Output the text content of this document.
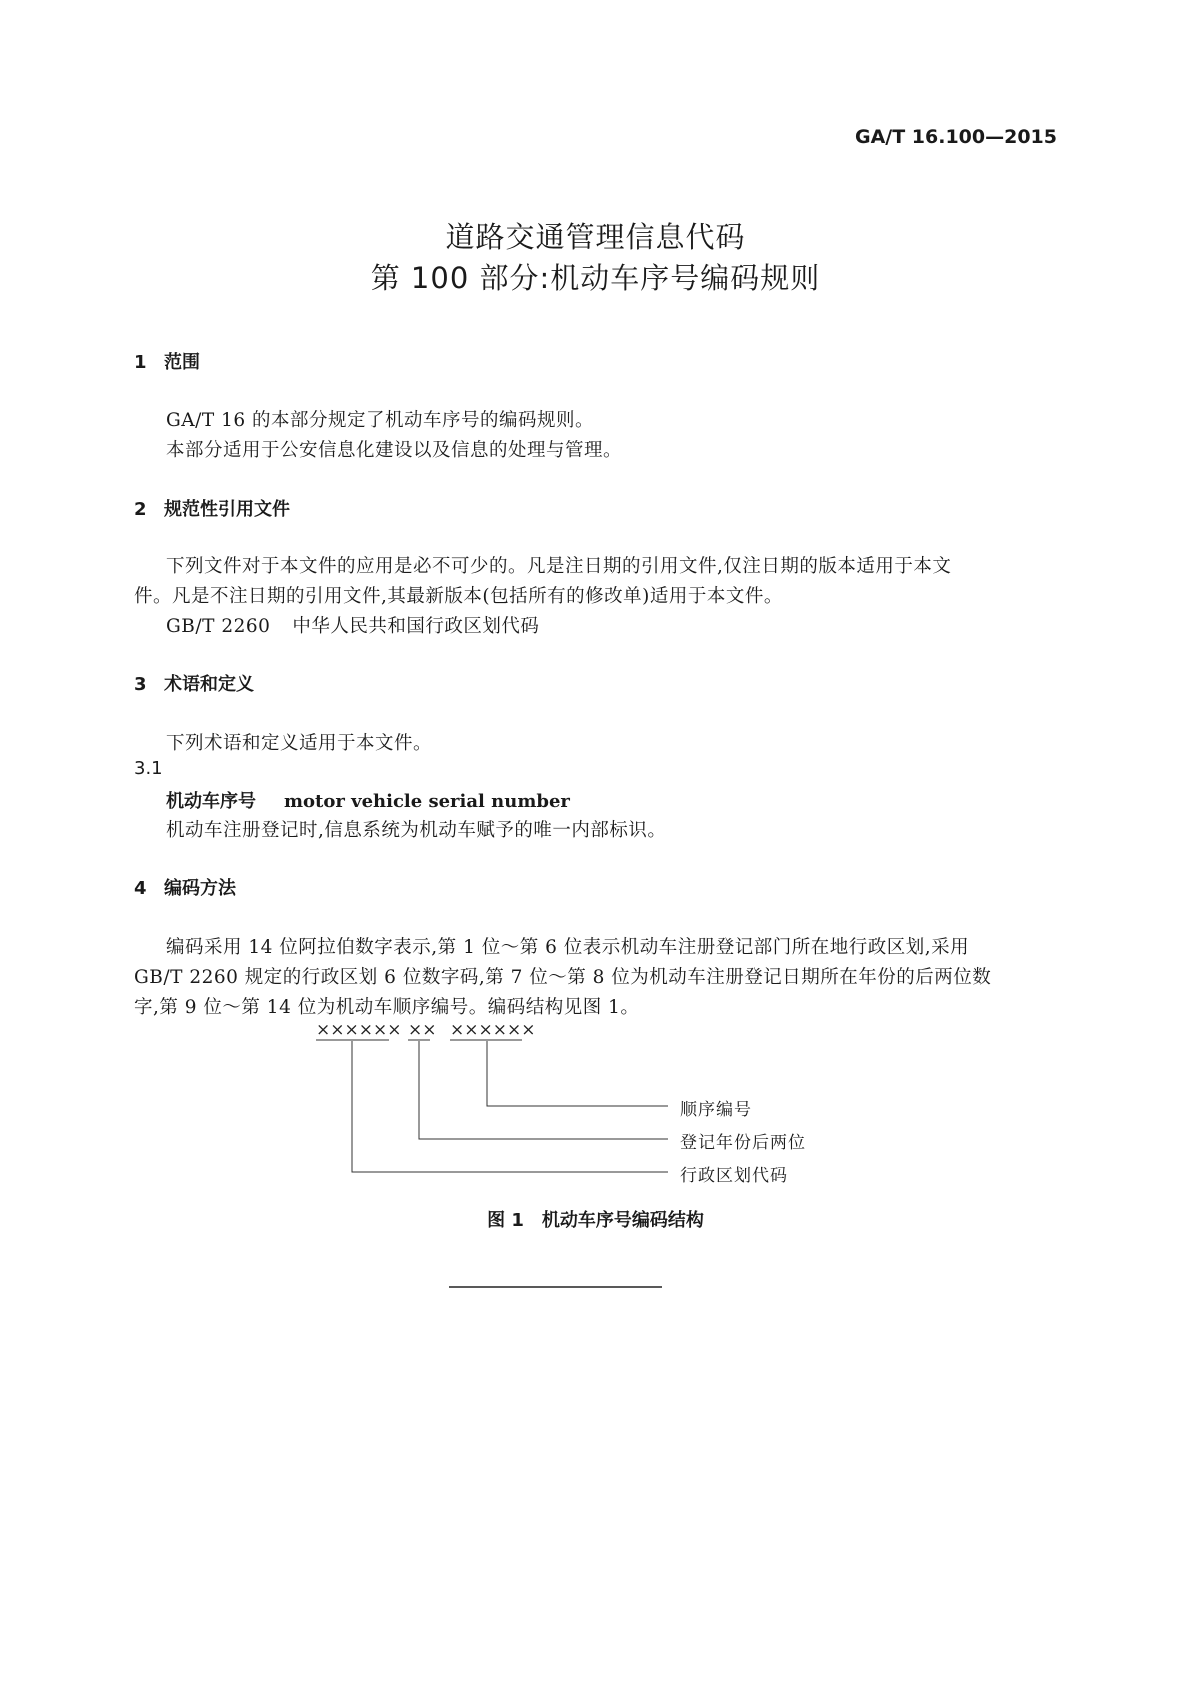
GA/T 16.100—2015
道路交通管理信息代码
第 100 部分:机动车序号编码规则
1 范围
GA/T 16 的本部分规定了机动车序号的编码规则。
本部分适用于公安信息化建设以及信息的处理与管理。
2 规范性引用文件
下列文件对于本文件的应用是必不可少的。凡是注日期的引用文件,仅注日期的版本适用于本文
件。凡是不注日期的引用文件,其最新版本(包括所有的修改单)适用于本文件。
GB/T 2260 中华人民共和国行政区划代码
3 术语和定义
下列术语和定义适用于本文件。
3.1
机动车序号 motor vehicle serial number
机动车注册登记时,信息系统为机动车赋予的唯一内部标识。
4 编码方法
编码采用 14 位阿拉伯数字表示,第 1 位～第 6 位表示机动车注册登记部门所在地行政区划,采用
GB/T 2260 规定的行政区划 6 位数字码,第 7 位～第 8 位为机动车注册登记日期所在年份的后两位数
字,第 9 位～第 14 位为机动车顺序编号。编码结构见图 1。
×××××× ×× ××××××
顺序编号
登记年份后两位
行政区划代码
图 1　机动车序号编码结构
